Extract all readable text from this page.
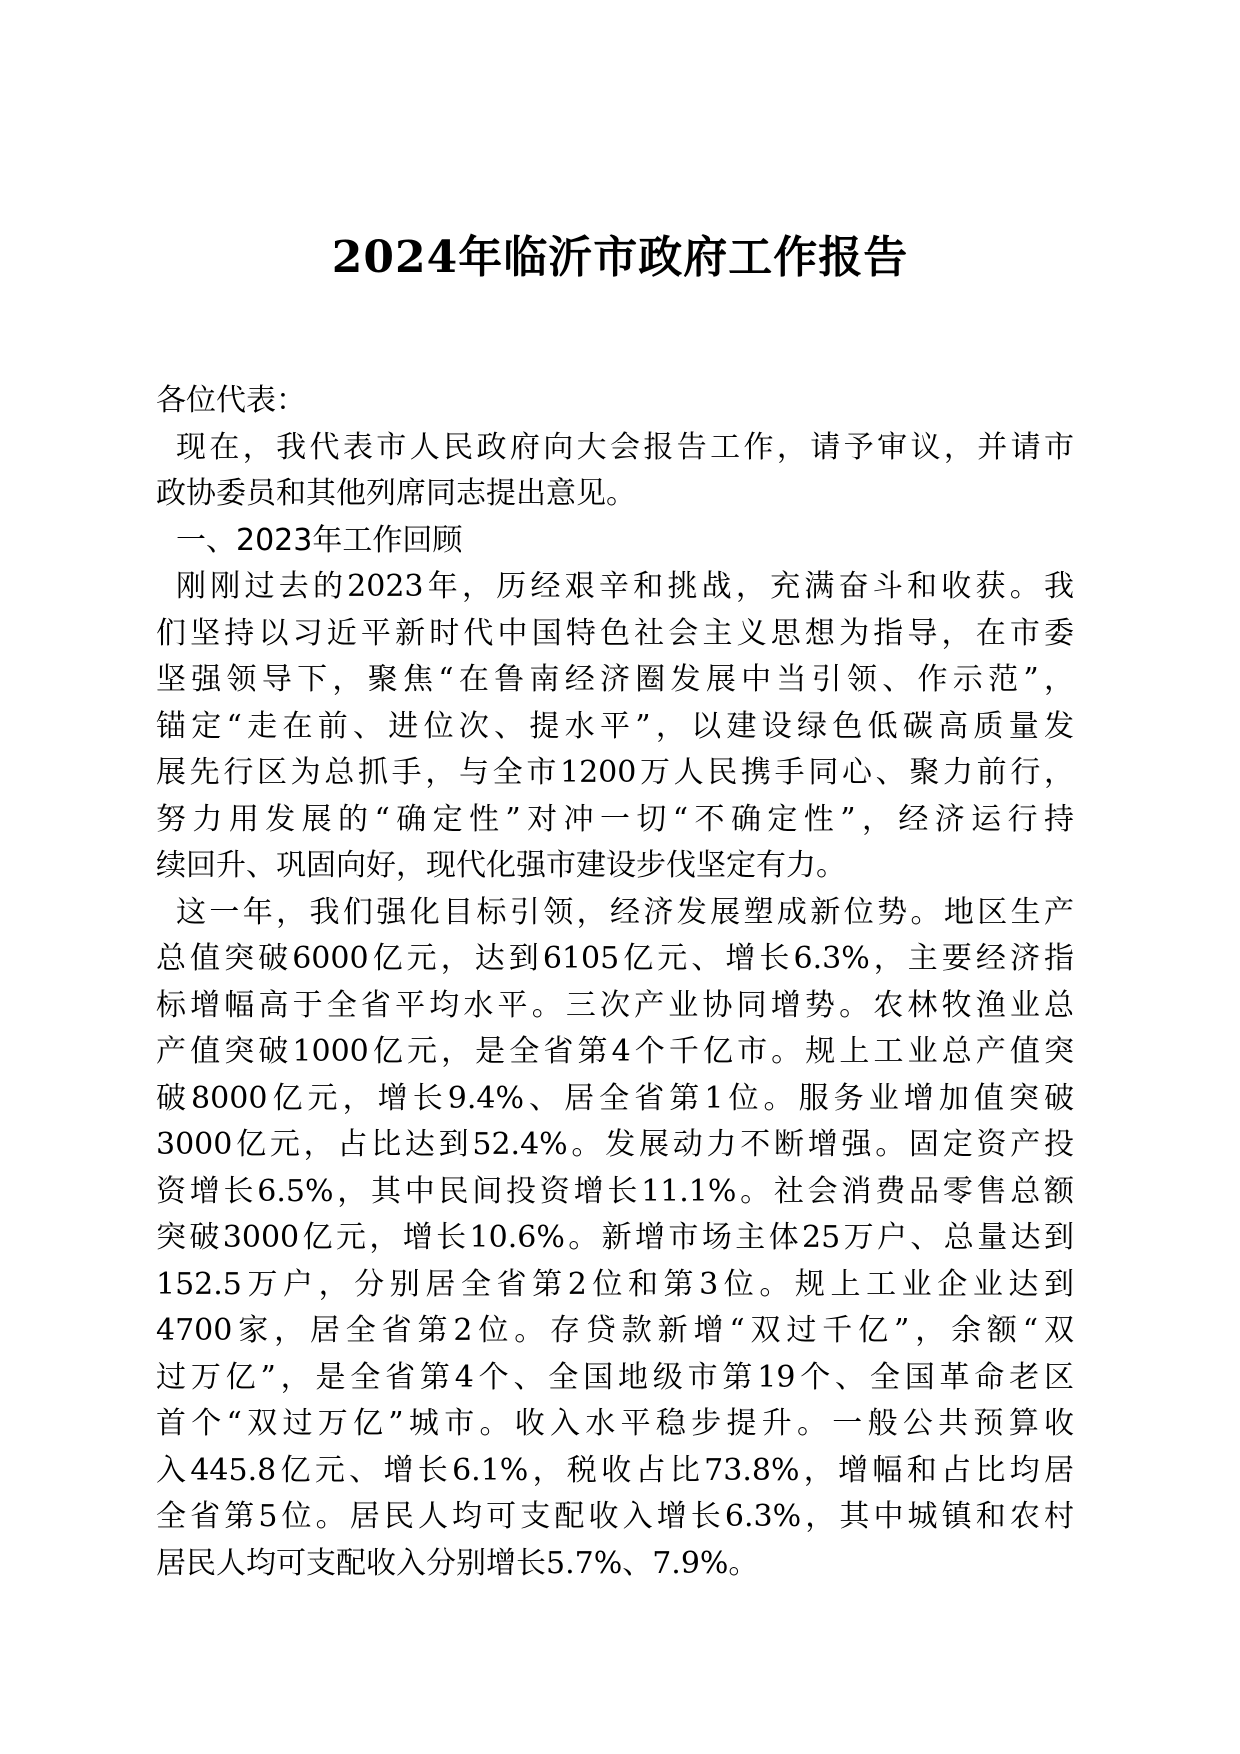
2024年临沂市政府工作报告
各位代表：
现在，我代表市人民政府向大会报告工作，请予审议，并请市
政协委员和其他列席同志提出意见。
一、2023年工作回顾
刚刚过去的2023年，历经艰辛和挑战，充满奋斗和收获。我
们坚持以习近平新时代中国特色社会主义思想为指导，在市委
坚强领导下，聚焦“在鲁南经济圈发展中当引领、作示范”，
锚定“走在前、进位次、提水平”，以建设绿色低碳高质量发
展先行区为总抓手，与全市1200万人民携手同心、聚力前行，
努力用发展的“确定性”对冲一切“不确定性”，经济运行持
续回升、巩固向好，现代化强市建设步伐坚定有力。
这一年，我们强化目标引领，经济发展塑成新位势。地区生产
总值突破6000亿元，达到6105亿元、增长6.3%，主要经济指
标增幅高于全省平均水平。三次产业协同增势。农林牧渔业总
产值突破1000亿元，是全省第4个千亿市。规上工业总产值突
破8000亿元，增长9.4%、居全省第1位。服务业增加值突破
3000亿元，占比达到52.4%。发展动力不断增强。固定资产投
资增长6.5%，其中民间投资增长11.1%。社会消费品零售总额
突破3000亿元，增长10.6%。新增市场主体25万户、总量达到
152.5万户，分别居全省第2位和第3位。规上工业企业达到
4700家，居全省第2位。存贷款新增“双过千亿”，余额“双
过万亿”，是全省第4个、全国地级市第19个、全国革命老区
首个“双过万亿”城市。收入水平稳步提升。一般公共预算收
入445.8亿元、增长6.1%，税收占比73.8%，增幅和占比均居
全省第5位。居民人均可支配收入增长6.3%，其中城镇和农村
居民人均可支配收入分别增长5.7%、7.9%。
